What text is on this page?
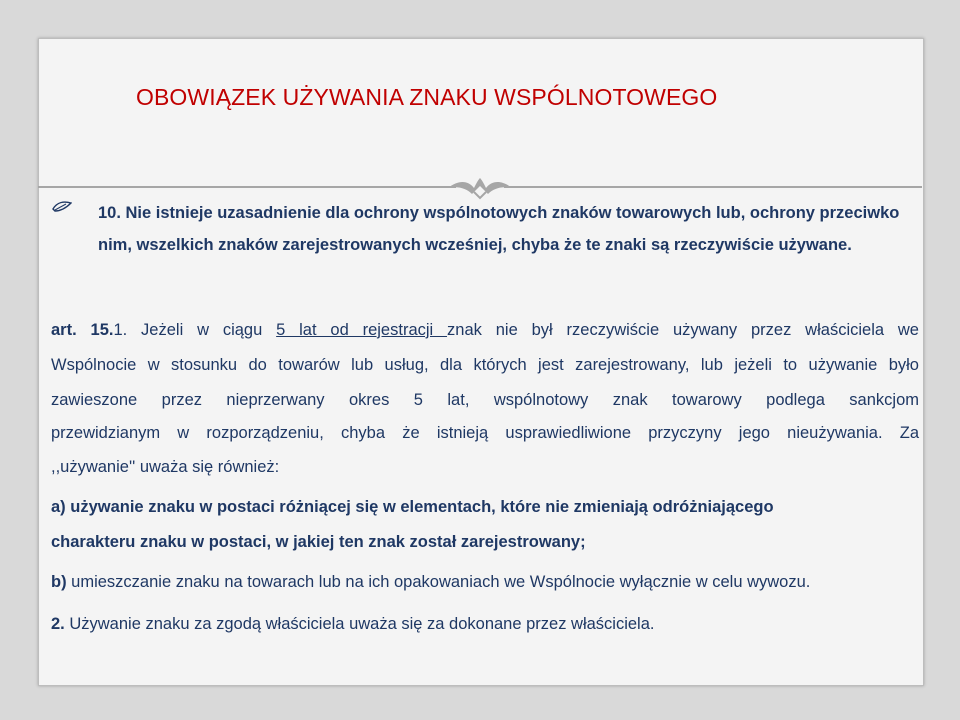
OBOWIĄZEK UŻYWANIA ZNAKU WSPÓLNOTOWEGO
10. Nie istnieje uzasadnienie dla ochrony wspólnotowych znaków towarowych lub, ochrony przeciwko nim, wszelkich znaków zarejestrowanych wcześniej, chyba że te znaki są rzeczywiście używane.
art. 15.1. Jeżeli w ciągu 5 lat od rejestracji znak nie był rzeczywiście używany przez właściciela we
Wspólnocie w stosunku do towarów lub usług, dla których jest zarejestrowany, lub jeżeli to używanie było
zawieszone przez nieprzerwany okres 5 lat, wspólnotowy znak towarowy podlega sankcjom
przewidzianym w rozporządzeniu, chyba że istnieją usprawiedliwione przyczyny jego nieużywania. Za
,,używanie'' uważa się również:
a) używanie znaku w postaci różniącej się w elementach, które nie zmieniają odróżniającego
charakteru znaku w postaci, w jakiej ten znak został zarejestrowany;
b) umieszczanie znaku na towarach lub na ich opakowaniach we Wspólnocie wyłącznie w celu wywozu.
2. Używanie znaku za zgodą właściciela uważa się za dokonane przez właściciela.
